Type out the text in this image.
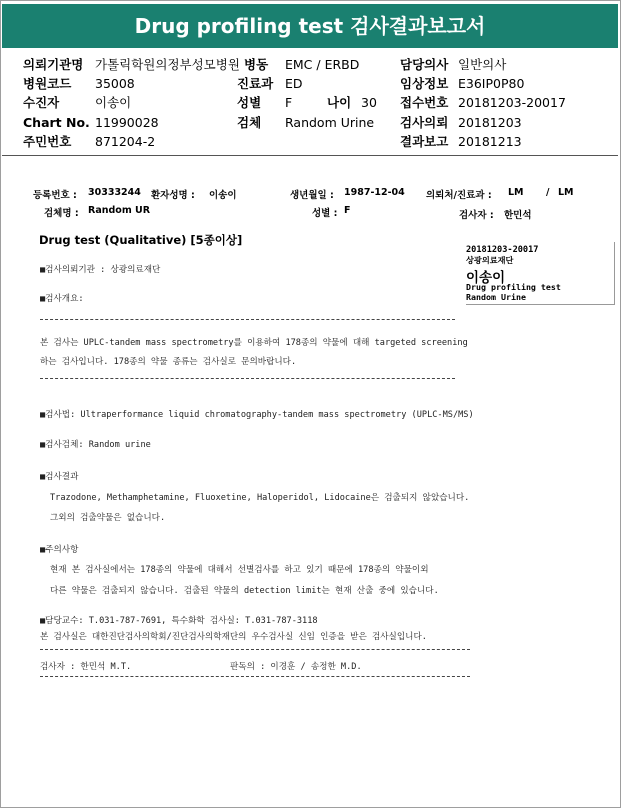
Drug profiling test 검사결과보고서
의뢰기관명 가톨릭학원의정부성모병원 병동 EMC / ERBD	담당의사 일반의사
병원코드 35008	진료과 ED	임상정보 E36IP0P80
수진자	이송이	성별 F	나이 30 접수번호 20181203-20017
Chart No. 11990028	검체 Random Urine 검사의뢰 20181203
주민번호 871204-2	결과보고 20181213
등록번호 : 30333244 환자성명 : 이송이	생년월일 : 1987-12-04 의뢰처/진료과 : LM / LM
검체명 : Random UR	성별 : F	검사자 : 한민석
Drug test (Qualitative) [5종이상]
20181203-20017
상광의료재단
이송이
Drug profiling test
Random Urine
■검사의뢰기관 : 상광의료재단
■검사개요:
본 검사는 UPLC-tandem mass spectrometry를 이용하여 178종의 약물에 대해 targeted screening
하는 검사입니다. 178종의 약물 종류는 검사실로 문의바랍니다.
■검사법: Ultraperformance liquid chromatography-tandem mass spectrometry (UPLC-MS/MS)
■검사검체: Random urine
■검사결과
Trazodone, Methamphetamine, Fluoxetine, Haloperidol, Lidocaine은 검출되지 않았습니다.
그외의 검출약물은 없습니다.
■주의사항
현재 본 검사실에서는 178종의 약물에 대해서 선별검사를 하고 있기 때문에 178종의 약물이외
다른 약물은 검출되지 않습니다. 검출된 약물의 detection limit는 현재 산출 중에 있습니다.
■담당교수: T.031-787-7691, 특수화학 검사실: T.031-787-3118
본 검사실은 대한진단검사의학회/진단검사의학재단의 우수검사실 신임 인증을 받은 검사실입니다.
검사자 : 한민석 M.T.	판독의 : 이경훈 / 송정한 M.D.
